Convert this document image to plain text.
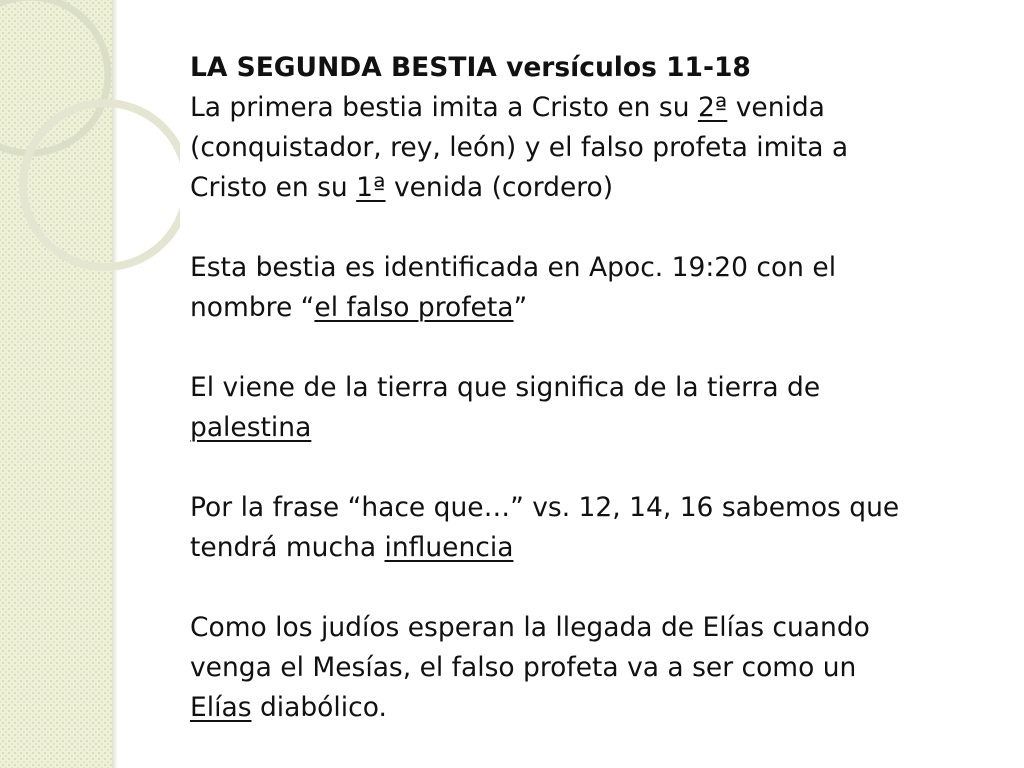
LA SEGUNDA BESTIA versículos 11-18
La primera bestia imita a Cristo en su 2ª venida (conquistador, rey, león) y el falso profeta imita a Cristo en su 1ª venida (cordero)

Esta bestia es identificada en Apoc. 19:20 con el nombre “el falso profeta”

El viene de la tierra que significa de la tierra de palestina

Por la frase “hace que…” vs. 12, 14, 16 sabemos que tendrá mucha influencia

Como los judíos esperan la llegada de Elías cuando venga el Mesías, el falso profeta va a ser como un Elías diabólico.
